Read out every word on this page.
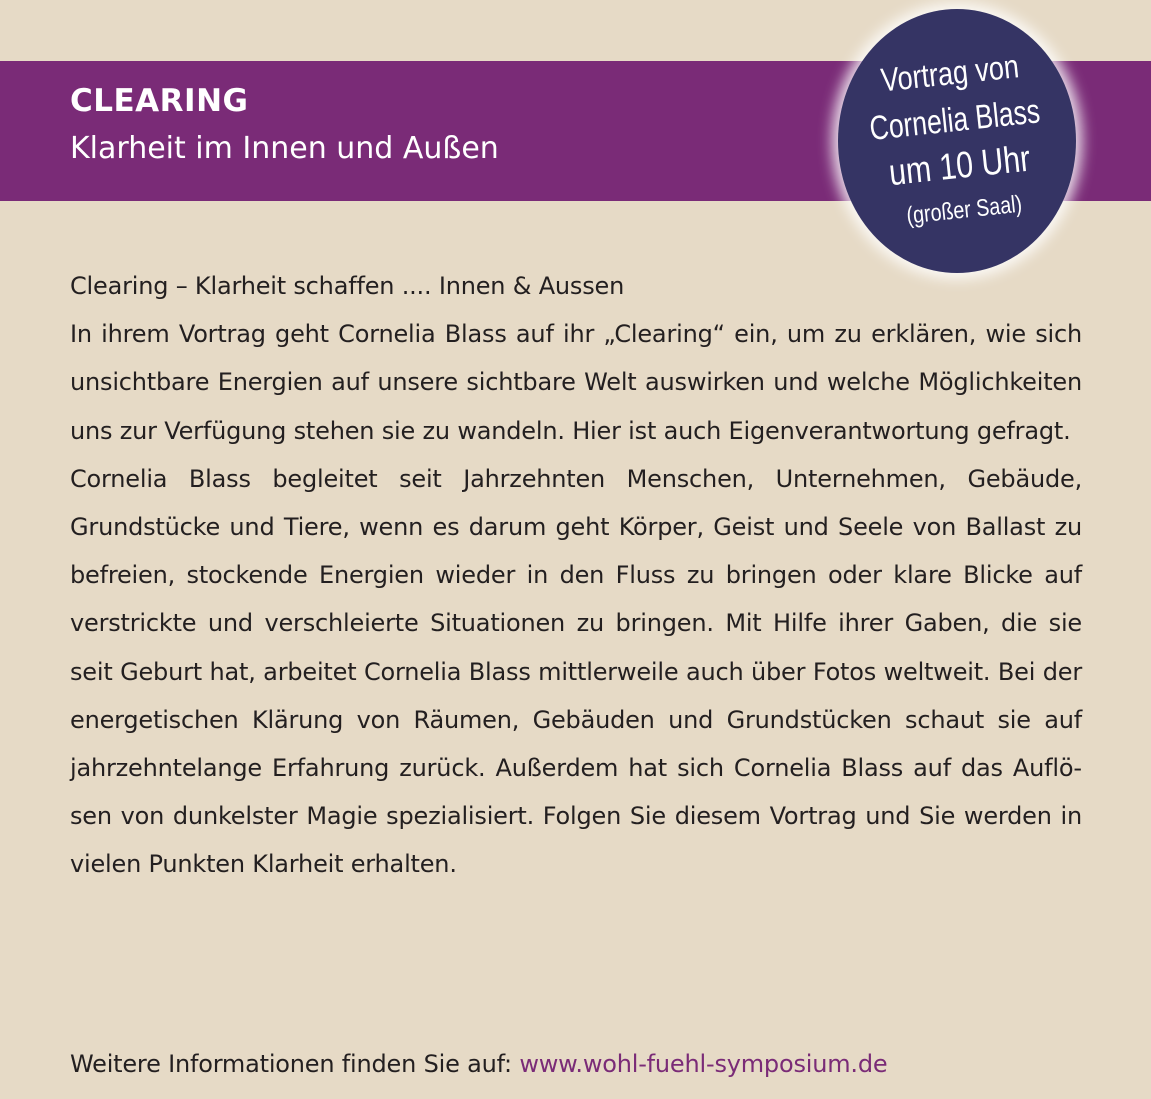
CLEARING
Klarheit im Innen und Außen
Vortrag von
Cornelia Blass
um 10 Uhr
(großer Saal)
Clearing – Klarheit schaffen .... Innen & Aussen

In ihrem Vortrag geht Cornelia Blass auf ihr „Clearing“ ein, um zu erklären, wie sich unsichtbare Energien auf unsere sichtbare Welt auswirken und welche Möglichkeiten uns zur Verfügung stehen sie zu wandeln. Hier ist auch Eigenverantwortung gefragt.

Cornelia Blass begleitet seit Jahrzehnten Menschen, Unternehmen, Gebäude, Grundstücke und Tiere, wenn es darum geht Körper, Geist und Seele von Ballast zu befreien, stockende Energien wieder in den Fluss zu bringen oder klare Blicke auf verstrickte und verschleierte Situationen zu bringen. Mit Hilfe ihrer Gaben, die sie seit Geburt hat, arbeitet Cornelia Blass mittlerweile auch über Fotos weltweit. Bei der energetischen Klärung von Räumen, Gebäuden und Grundstücken schaut sie auf jahrzehntelange Erfahrung zurück. Außerdem hat sich Cornelia Blass auf das Auflösen von dunkelster Magie spezialisiert. Folgen Sie diesem Vortrag und Sie werden in vielen Punkten Klarheit erhalten.

Weitere Informationen finden Sie auf: www.wohl-fuehl-symposium.de
